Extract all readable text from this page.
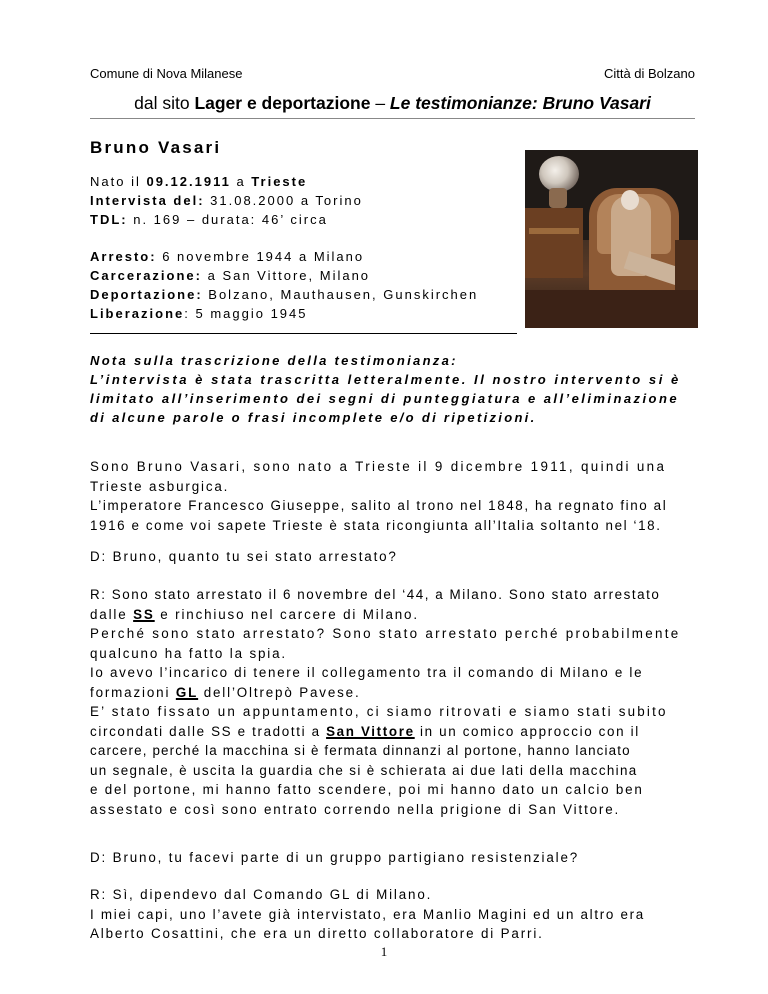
Comune di Nova Milanese	Città di Bolzano
dal sito Lager e deportazione – Le testimonianze: Bruno Vasari
Bruno Vasari
Nato il 09.12.1911 a Trieste
Intervista del: 31.08.2000 a Torino
TDL: n. 169 – durata: 46’ circa
Arresto: 6 novembre 1944 a Milano
Carcerazione: a San Vittore, Milano
Deportazione: Bolzano, Mauthausen, Gunskirchen
Liberazione: 5 maggio 1945
Nota sulla trascrizione della testimonianza:
L’intervista è stata trascritta letteralmente. Il nostro intervento si è
limitato all’inserimento dei segni di punteggiatura e all’eliminazione
di alcune parole o frasi incomplete e/o di ripetizioni.
Sono Bruno Vasari, sono nato a Trieste il 9 dicembre 1911, quindi una
Trieste asburgica.
L’imperatore Francesco Giuseppe, salito al trono nel 1848, ha regnato fino al
1916 e come voi sapete Trieste è stata ricongiunta all’Italia soltanto nel ‘18.
D: Bruno, quanto tu sei stato arrestato?
R: Sono stato arrestato il 6 novembre del ‘44, a Milano. Sono stato arrestato
dalle SS e rinchiuso nel carcere di Milano.
Perché sono stato arrestato? Sono stato arrestato perché probabilmente
qualcuno ha fatto la spia.
Io avevo l’incarico di tenere il collegamento tra il comando di Milano e le
formazioni GL dell’Oltrepò Pavese.
E’ stato fissato un appuntamento, ci siamo ritrovati e siamo stati subito
circondati dalle SS e tradotti a San Vittore in un comico approccio con il
carcere, perché la macchina si è fermata dinnanzi al portone, hanno lanciato
un segnale, è uscita la guardia che si è schierata ai due lati della macchina
e del portone, mi hanno fatto scendere, poi mi hanno dato un calcio ben
assestato e così sono entrato correndo nella prigione di San Vittore.
D: Bruno, tu facevi parte di un gruppo partigiano resistenziale?
R: Sì, dipendevo dal Comando GL di Milano.
I miei capi, uno l’avete già intervistato, era Manlio Magini ed un altro era
Alberto Cosattini, che era un diretto collaboratore di Parri.
1
